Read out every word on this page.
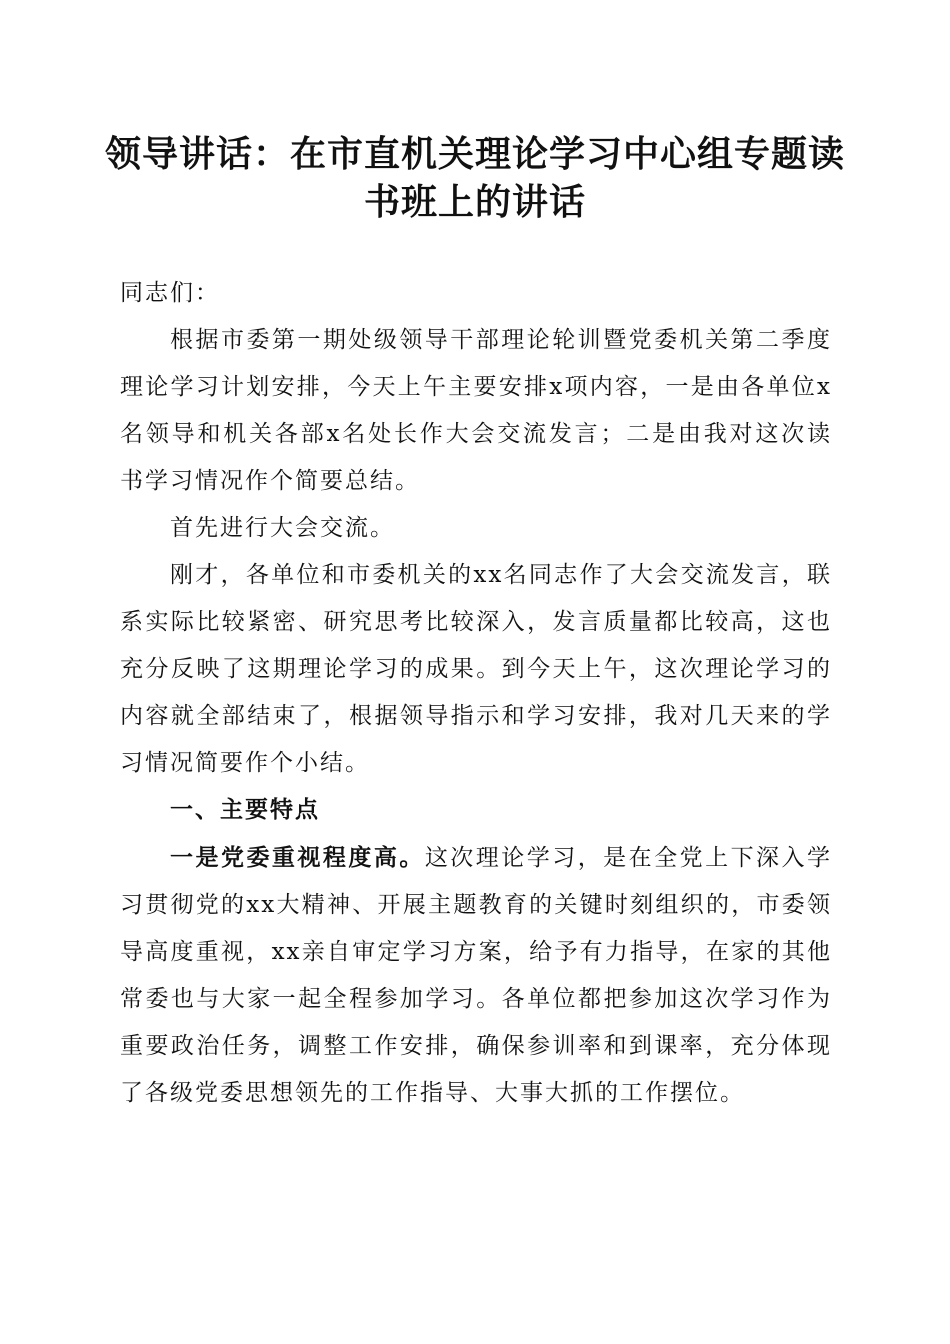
领导讲话：在市直机关理论学习中心组专题读
书班上的讲话

同志们：

根据市委第一期处级领导干部理论轮训暨党委机关第二季度理论学习计划安排，今天上午主要安排x项内容，一是由各单位x名领导和机关各部x名处长作大会交流发言；二是由我对这次读书学习情况作个简要总结。

首先进行大会交流。

刚才，各单位和市委机关的xx名同志作了大会交流发言，联系实际比较紧密、研究思考比较深入，发言质量都比较高，这也充分反映了这期理论学习的成果。到今天上午，这次理论学习的内容就全部结束了，根据领导指示和学习安排，我对几天来的学习情况简要作个小结。

一、主要特点

一是党委重视程度高。这次理论学习，是在全党上下深入学习贯彻党的xx大精神、开展主题教育的关键时刻组织的，市委领导高度重视，xx亲自审定学习方案，给予有力指导，在家的其他常委也与大家一起全程参加学习。各单位都把参加这次学习作为重要政治任务，调整工作安排，确保参训率和到课率，充分体现了各级党委思想领先的工作指导、大事大抓的工作摆位。
